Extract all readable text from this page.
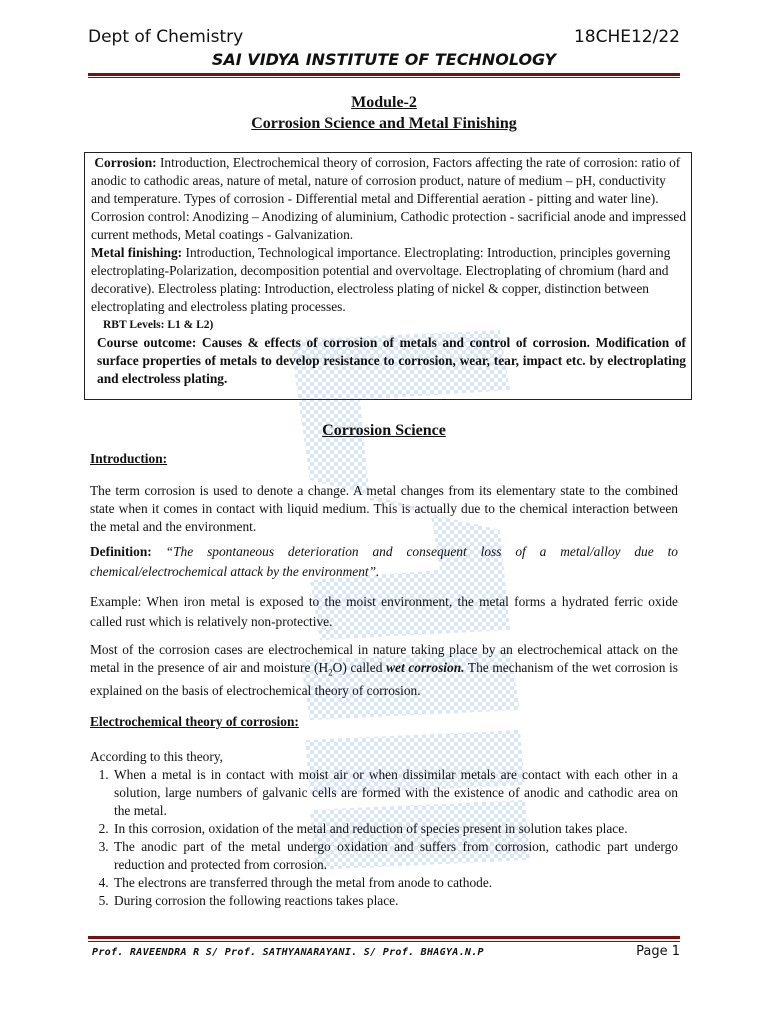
Dept of Chemistry	18CHE12/22
SAI VIDYA INSTITUTE OF TECHNOLOGY
Module-2
Corrosion Science and Metal Finishing

Corrosion: Introduction, Electrochemical theory of corrosion, Factors affecting the rate of corrosion: ratio of anodic to cathodic areas, nature of metal, nature of corrosion product, nature of medium – pH, conductivity and temperature. Types of corrosion - Differential metal and Differential aeration - pitting and water line). Corrosion control: Anodizing – Anodizing of aluminium, Cathodic protection - sacrificial anode and impressed current methods, Metal coatings - Galvanization.

Metal finishing: Introduction, Technological importance. Electroplating: Introduction, principles governing electroplating-Polarization, decomposition potential and overvoltage. Electroplating of chromium (hard and decorative). Electroless plating: Introduction, electroless plating of nickel & copper, distinction between electroplating and electroless plating processes.

RBT Levels: L1 & L2)

Course outcome: Causes & effects of corrosion of metals and control of corrosion. Modification of surface properties of metals to develop resistance to corrosion, wear, tear, impact etc. by electroplating and electroless plating.

Corrosion Science

Introduction:

The term corrosion is used to denote a change. A metal changes from its elementary state to the combined state when it comes in contact with liquid medium. This is actually due to the chemical interaction between the metal and the environment.

Definition: “The spontaneous deterioration and consequent loss of a metal/alloy due to chemical/electrochemical attack by the environment”.

Example: When iron metal is exposed to the moist environment, the metal forms a hydrated ferric oxide called rust which is relatively non-protective.

Most of the corrosion cases are electrochemical in nature taking place by an electrochemical attack on the metal in the presence of air and moisture $(H_2O)$ called wet corrosion. The mechanism of the wet corrosion is explained on the basis of electrochemical theory of corrosion.

Electrochemical theory of corrosion:

According to this theory,

1. When a metal is in contact with moist air or when dissimilar metals are contact with each other in a solution, large numbers of galvanic cells are formed with the existence of anodic and cathodic area on the metal.
2. In this corrosion, oxidation of the metal and reduction of species present in solution takes place.
3. The anodic part of the metal undergo oxidation and suffers from corrosion, cathodic part undergo reduction and protected from corrosion.
4. The electrons are transferred through the metal from anode to cathode.
5. During corrosion the following reactions takes place.
Prof. RAVEENDRA R S/ Prof. SATHYANARAYANI. S/ Prof. BHAGYA.N.P	Page 1
